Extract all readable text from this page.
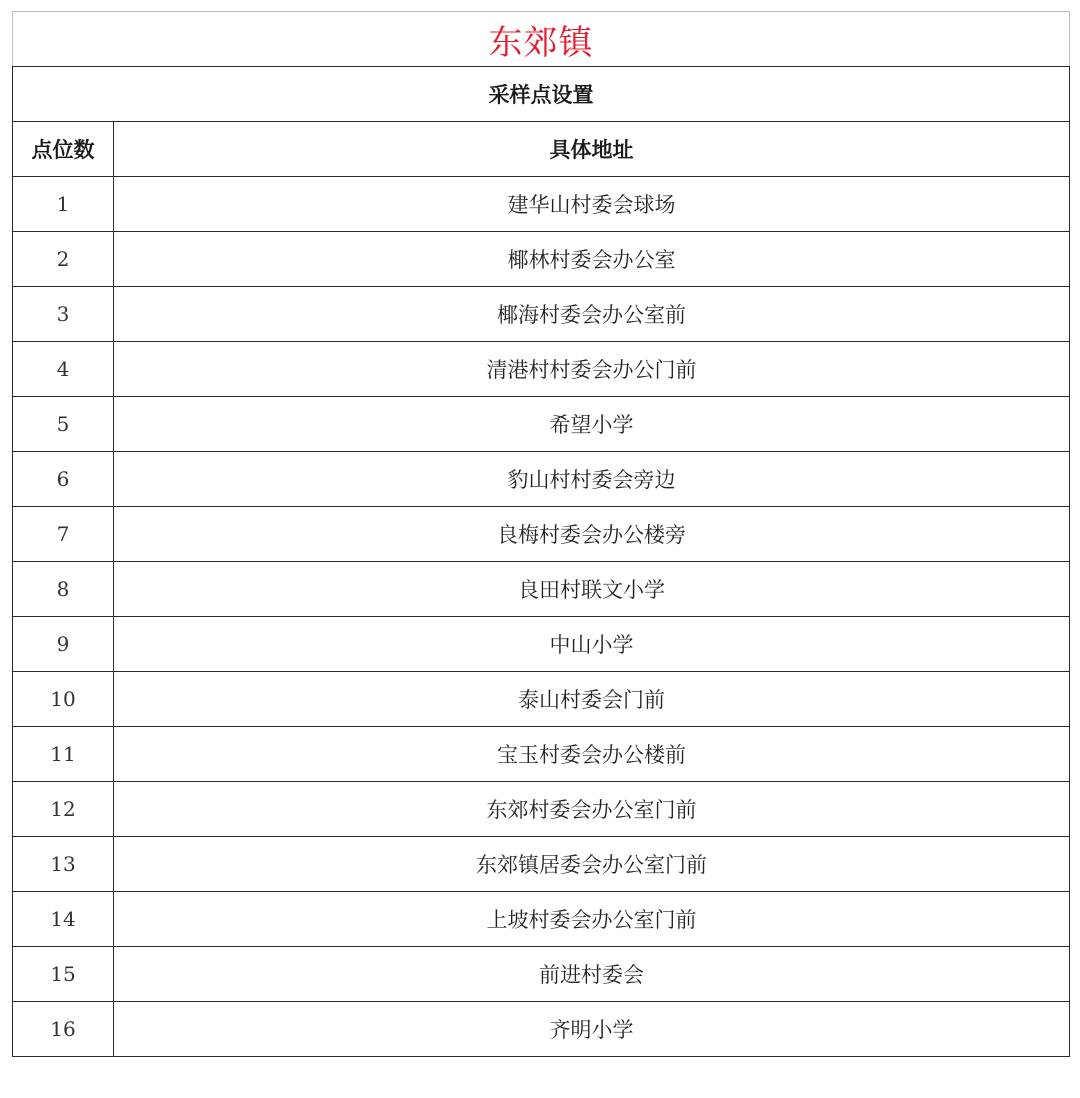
东郊镇	
采样点设置	
点位数	具体地址
1	建华山村委会球场
2	椰林村委会办公室
3	椰海村委会办公室前
4	清港村村委会办公门前
5	希望小学
6	豹山村村委会旁边
7	良梅村委会办公楼旁
8	良田村联文小学
9	中山小学
10	泰山村委会门前
11	宝玉村委会办公楼前
12	东郊村委会办公室门前
13	东郊镇居委会办公室门前
14	上坡村委会办公室门前
15	前进村委会
16	齐明小学
